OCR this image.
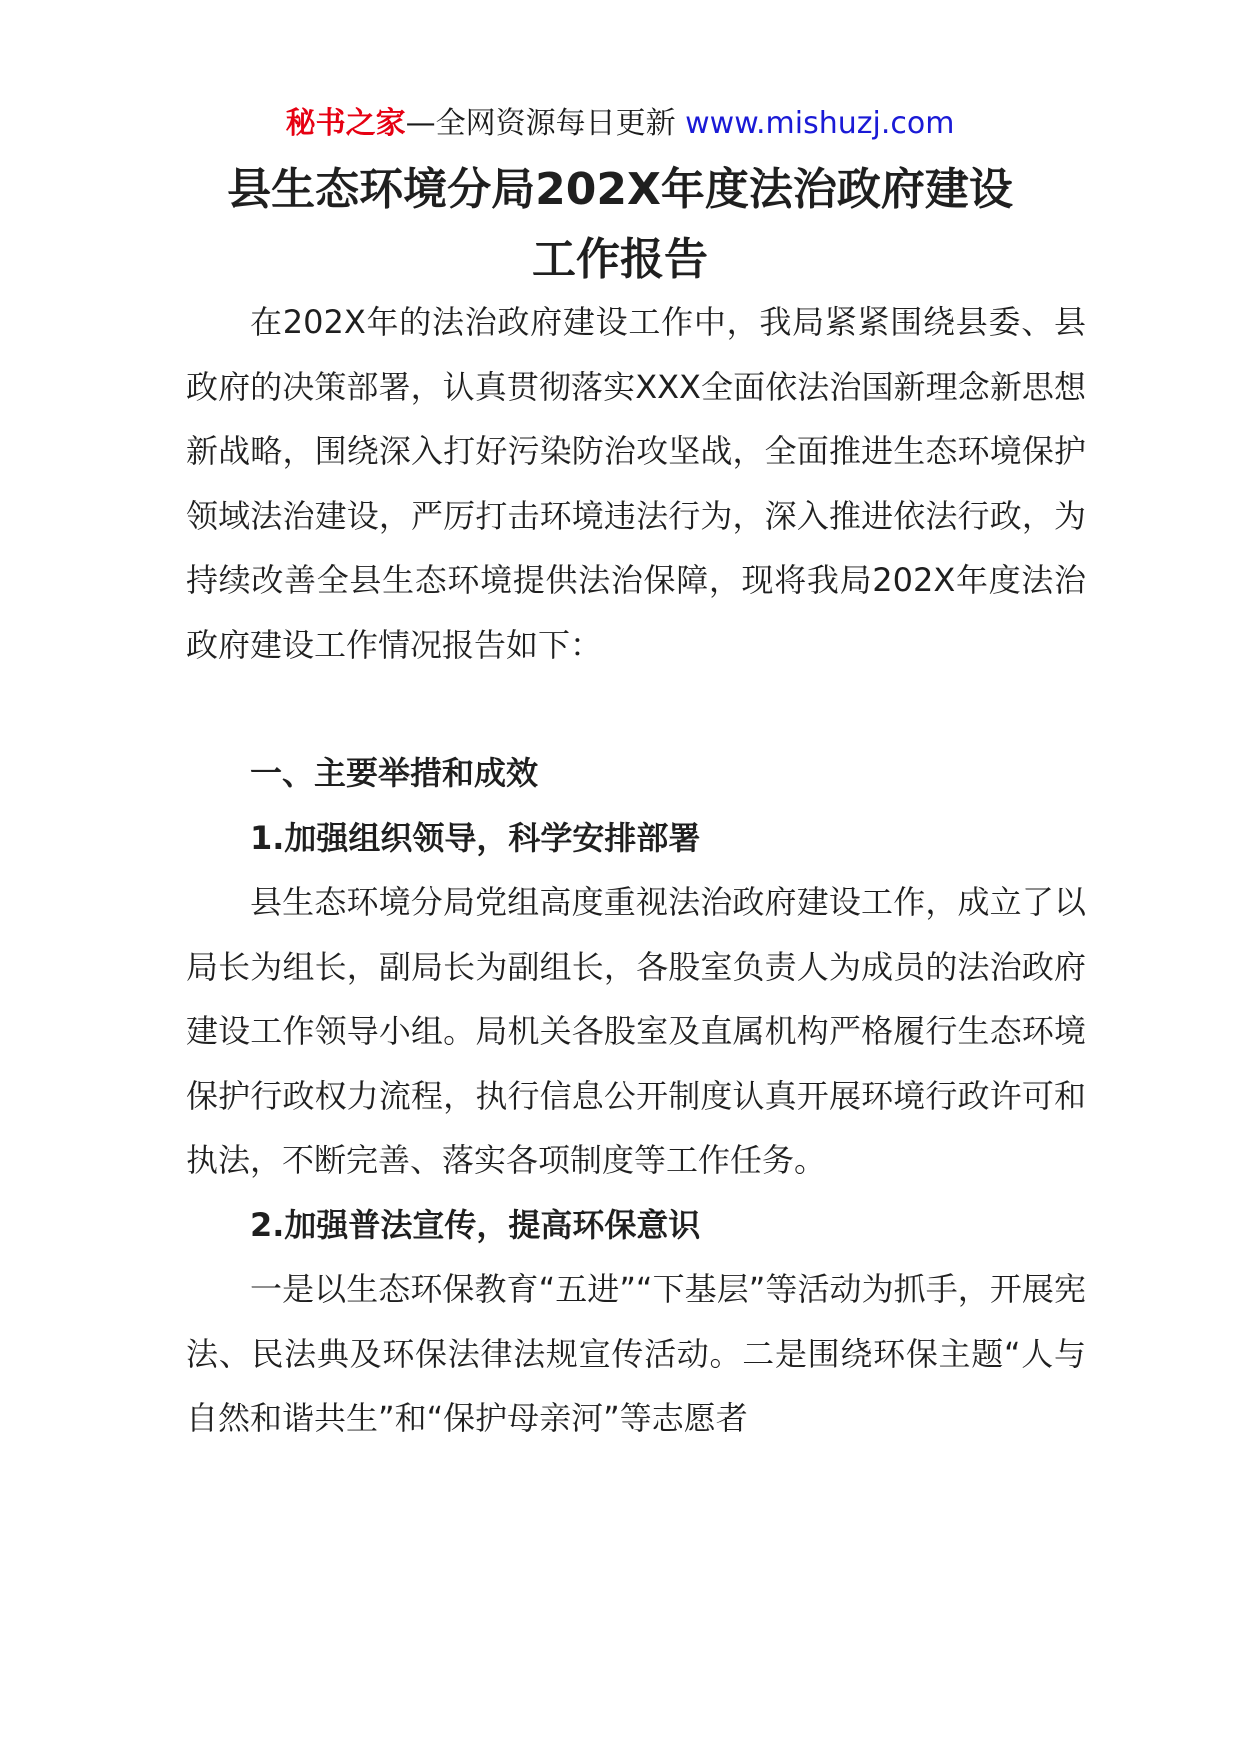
秘书之家—全网资源每日更新 www.mishuzj.com
县生态环境分局202X年度法治政府建设
工作报告

在202X年的法治政府建设工作中，我局紧紧围绕县委、县政府的决策部署，认真贯彻落实XXX全面依法治国新理念新思想新战略，围绕深入打好污染防治攻坚战，全面推进生态环境保护领域法治建设，严厉打击环境违法行为，深入推进依法行政，为持续改善全县生态环境提供法治保障，现将我局202X年度法治政府建设工作情况报告如下：

一、主要举措和成效

1.加强组织领导，科学安排部署

县生态环境分局党组高度重视法治政府建设工作，成立了以局长为组长，副局长为副组长，各股室负责人为成员的法治政府建设工作领导小组。局机关各股室及直属机构严格履行生态环境保护行政权力流程，执行信息公开制度认真开展环境行政许可和执法，不断完善、落实各项制度等工作任务。

2.加强普法宣传，提高环保意识

一是以生态环保教育“五进”“下基层”等活动为抓手，开展宪法、民法典及环保法律法规宣传活动。二是围绕环保主题“人与自然和谐共生”和“保护母亲河”等志愿者
